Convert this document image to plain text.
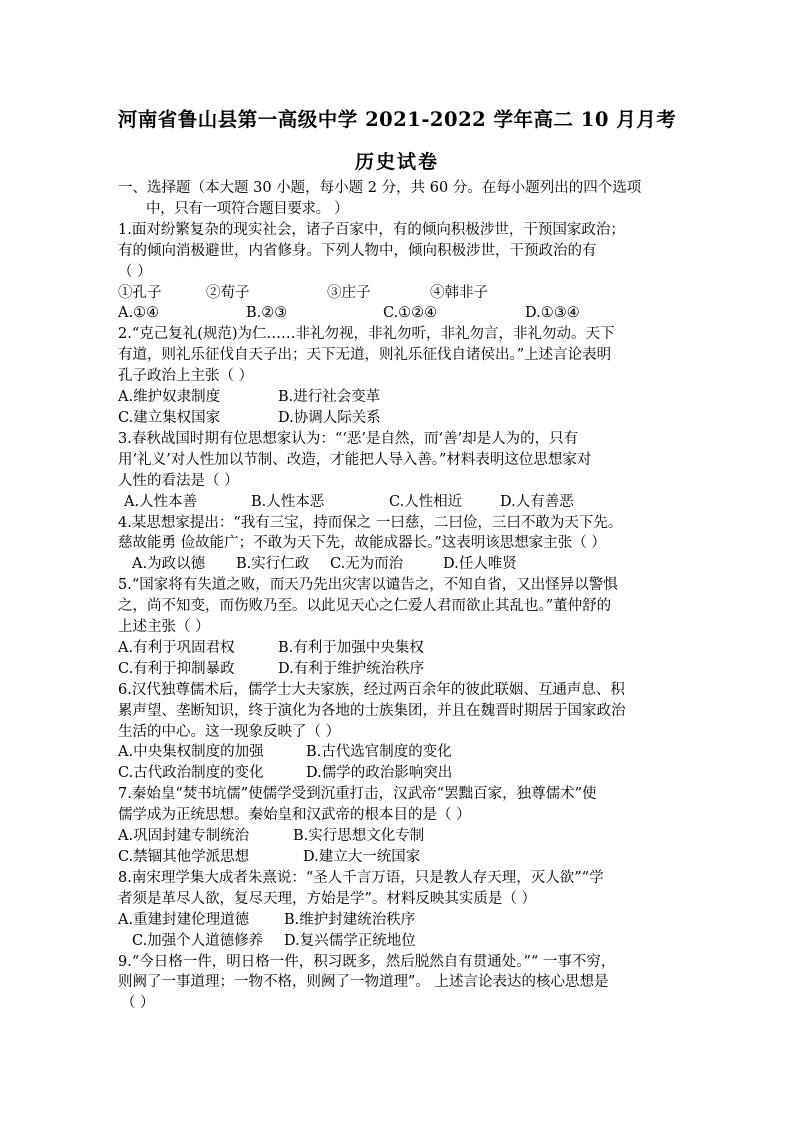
河南省鲁山县第一高级中学 2021-2022 学年高二 10 月月考
历史试卷
一、选择题（本大题 30 小题，每小题 2 分，共 60 分。在每小题列出的四个选项
中，只有一项符合题目要求。 ）
1.面对纷繁复杂的现实社会，诸子百家中，有的倾向积极涉世，干预国家政治；
有的倾向消极避世，内省修身。下列人物中，倾向积极涉世，干预政治的有
（ ）
①孔子	②荀子	③庄子	④韩非子
A.①④	B.②③	C.①②④	D.①③④
2.“克己复礼(规范)为仁……非礼勿视，非礼勿听，非礼勿言，非礼勿动。天下
有道，则礼乐征伐自天子出；天下无道，则礼乐征伐自诸侯出。”上述言论表明
孔子政治上主张（ ）
A.维护奴隶制度	B.进行社会变革
C.建立集权国家	D.协调人际关系
3.春秋战国时期有位思想家认为：“‘恶’是自然，而‘善’却是人为的，只有
用‘礼义’对人性加以节制、改造，才能把人导入善。”材料表明这位思想家对
人性的看法是（ ）
A.人性本善	B.人性本恶	C.人性相近	D.人有善恶
4.某思想家提出：“我有三宝，持而保之 一曰慈，二曰俭，三曰不敢为天下先。
慈故能勇 俭故能广；不敢为天下先，故能成器长。”这表明该思想家主张（ ）
A.为政以德	B.实行仁政	C.无为而治	D.任人唯贤
5.“国家将有失道之败，而天乃先出灾害以谴告之，不知自省，又出怪异以警惧
之，尚不知变，而伤败乃至。以此见天心之仁爱人君而欲止其乱也。”董仲舒的
上述主张（ ）
A.有利于巩固君权	B.有利于加强中央集权
C.有利于抑制暴政	D.有利于维护统治秩序
6.汉代独尊儒术后，儒学士大夫家族，经过两百余年的彼此联姻、互通声息、积
累声望、垄断知识，终于演化为各地的士族集团，并且在魏晋时期居于国家政治
生活的中心。这一现象反映了（ ）
A.中央集权制度的加强	B.古代选官制度的变化
C.古代政治制度的变化	D.儒学的政治影响突出
7.秦始皇“焚书坑儒”使儒学受到沉重打击，汉武帝“罢黜百家，独尊儒术”使
儒学成为正统思想。秦始皇和汉武帝的根本目的是（ ）
A.巩固封建专制统治	B.实行思想文化专制
C.禁锢其他学派思想	D.建立大一统国家
8.南宋理学集大成者朱熹说：“圣人千言万语，只是教人存天理，灭人欲”“学
者须是革尽人欲，复尽天理，方始是学”。材料反映其实质是（ ）
A.重建封建伦理道德	B.维护封建统治秩序
C.加强个人道德修养	D.复兴儒学正统地位
9.“今日格一件，明日格一件，积习既多，然后脱然自有贯通处。”“ 一事不穷，
则阙了一事道理；一物不格，则阙了一物道理”。 上述言论表达的核心思想是
（ ）
